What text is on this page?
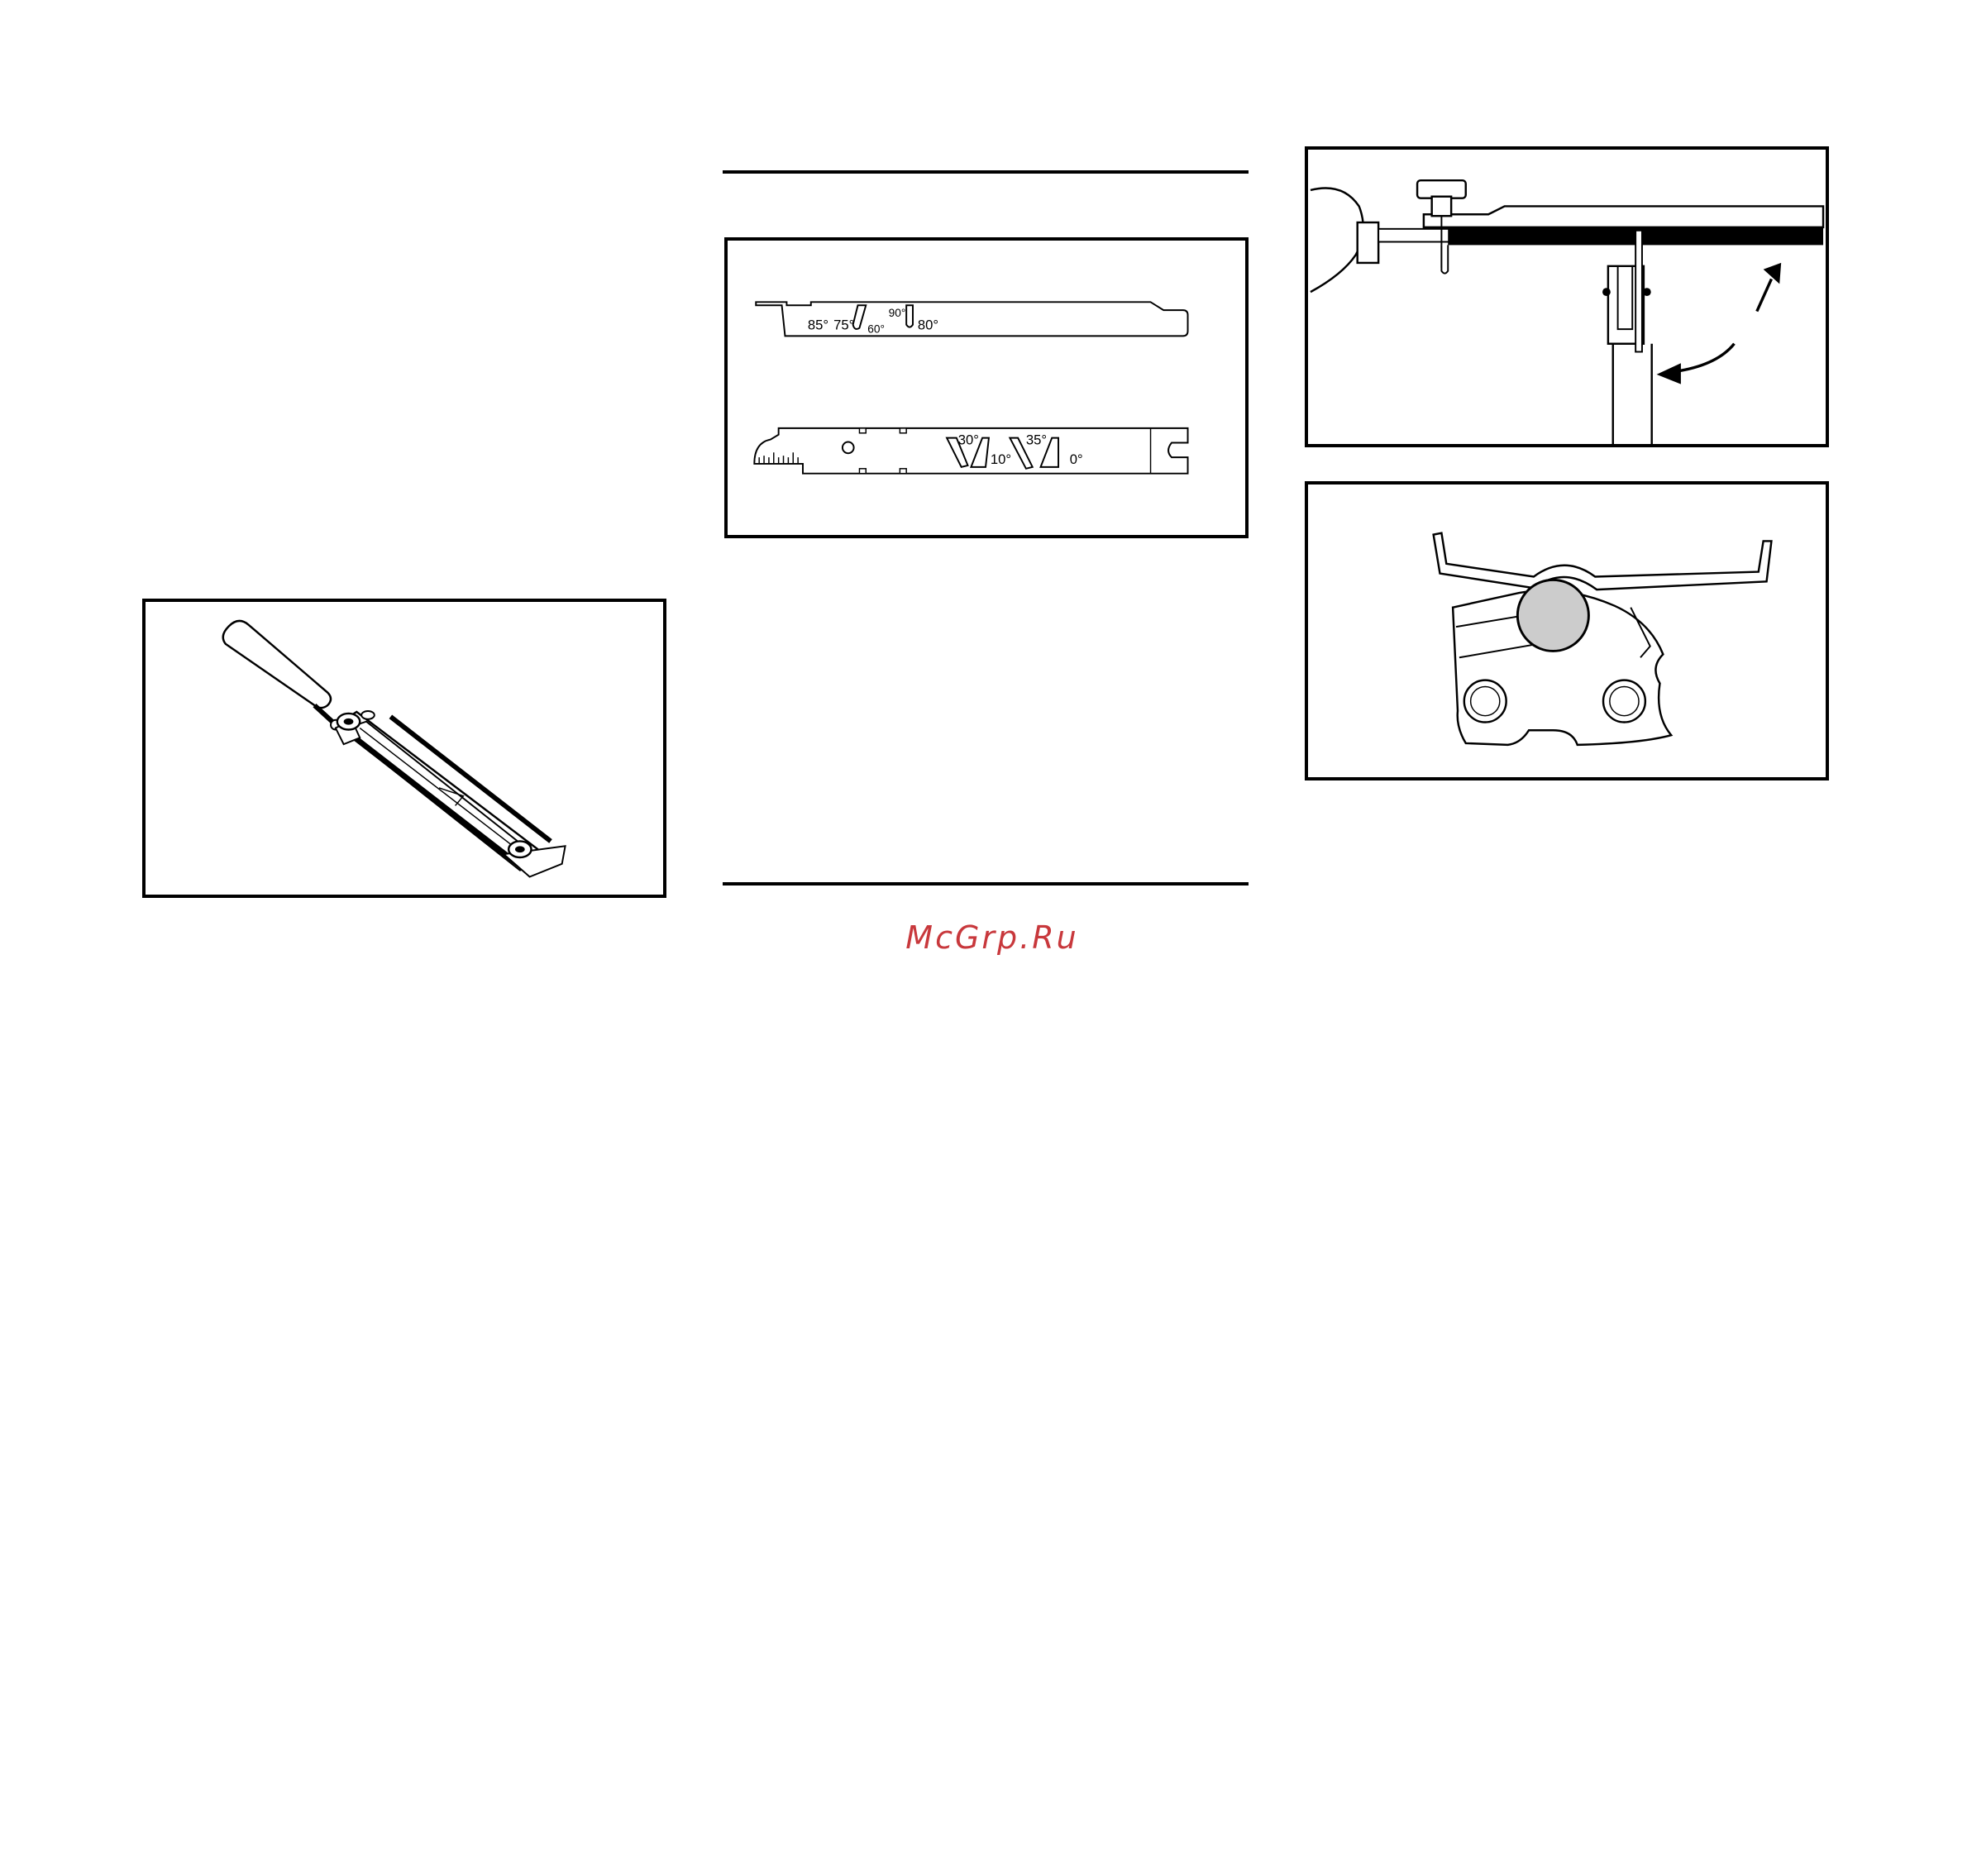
85° 75° 60°
90°
80°
30°
10°
35°
0°
McGrp.Ru
